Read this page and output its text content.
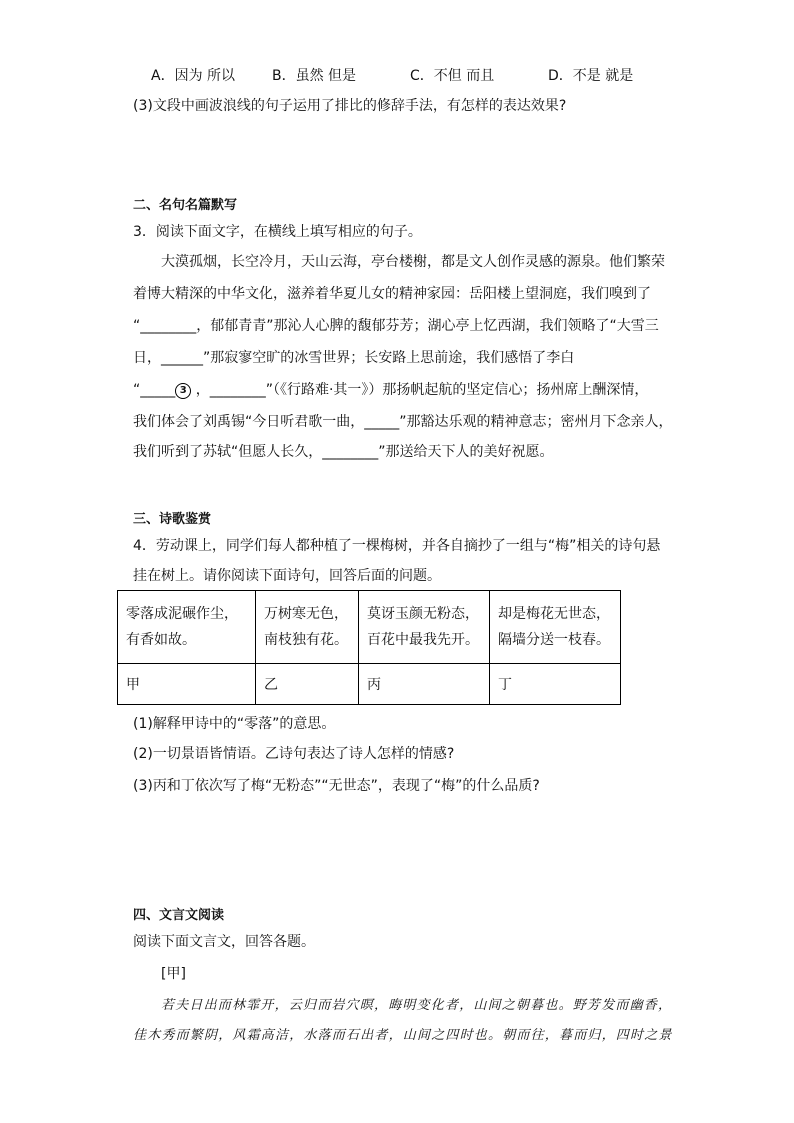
A．因为 所以	B．虽然 但是	C．不但 而且	D．不是 就是
(3)文段中画波浪线的句子运用了排比的修辞手法，有怎样的表达效果?
二、名句名篇默写
3．阅读下面文字，在横线上填写相应的句子。
大漠孤烟，长空冷月，天山云海，亭台楼榭，都是文人创作灵感的源泉。他们繁荣
着博大精深的中华文化，滋养着华夏儿女的精神家园：岳阳楼上望洞庭，我们嗅到了
“________，郁郁青青”那沁人心脾的馥郁芬芳；湖心亭上忆西湖，我们领略了“大雪三
日，______”那寂寥空旷的冰雪世界；长安路上思前途，我们感悟了李白
“_____ 3 ，________”（《行路难·其一》）那扬帆起航的坚定信心；扬州席上酬深情，
我们体会了刘禹锡“今日听君歌一曲，_____”那豁达乐观的精神意志；密州月下念亲人，
我们听到了苏轼“但愿人长久，________”那送给天下人的美好祝愿。
三、诗歌鉴赏
4．劳动课上，同学们每人都种植了一棵梅树，并各自摘抄了一组与“梅”相关的诗句悬
挂在树上。请你阅读下面诗句，回答后面的问题。
零落成泥碾作尘，
有香如故。	万树寒无色，
南枝独有花。	莫讶玉颜无粉态，
百花中最我先开。	却是梅花无世态，
隔墙分送一枝春。
甲	乙	丙	丁
(1)解释甲诗中的“零落”的意思。
(2)一切景语皆情语。乙诗句表达了诗人怎样的情感?
(3)丙和丁依次写了梅“无粉态”“无世态”，表现了“梅”的什么品质?
四、文言文阅读
阅读下面文言文，回答各题。
[甲]
若夫日出而林霏开，云归而岩穴暝，晦明变化者，山间之朝暮也。野芳发而幽香，
佳木秀而繁阴，风霜高洁，水落而石出者，山间之四时也。朝而往，暮而归，四时之景
